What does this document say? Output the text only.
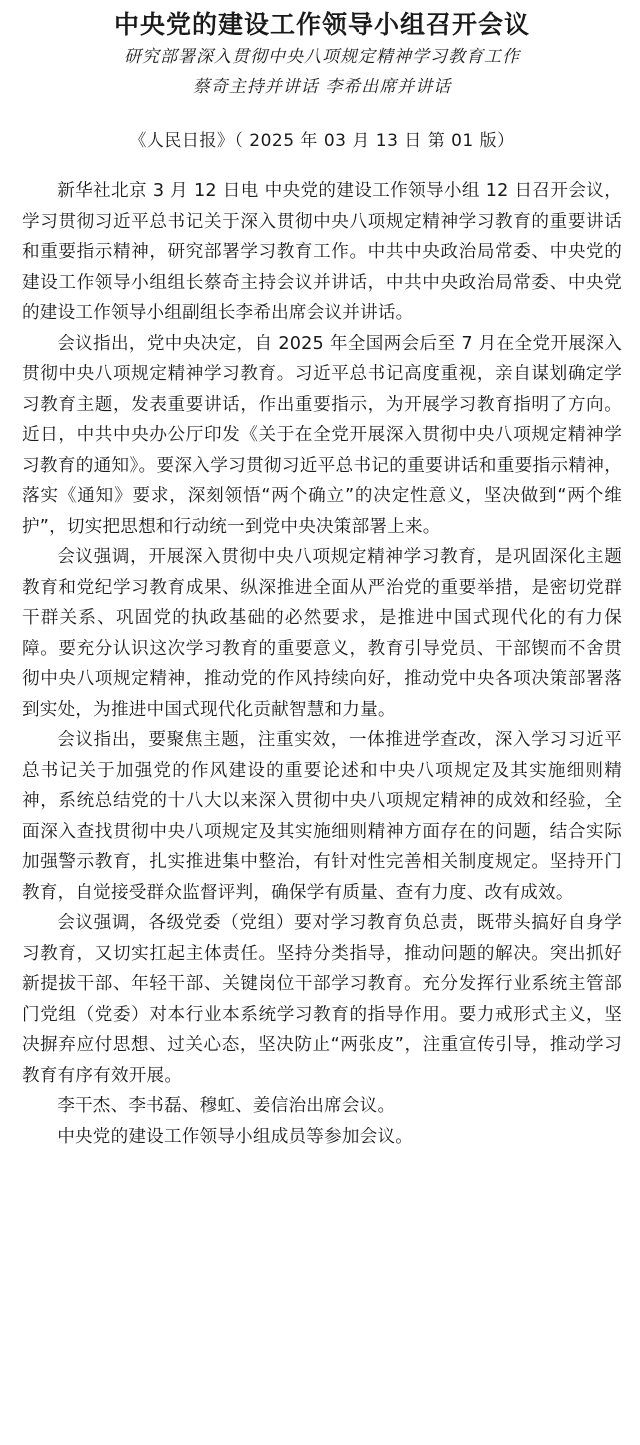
中央党的建设工作领导小组召开会议

研究部署深入贯彻中央八项规定精神学习教育工作

蔡奇主持并讲话 李希出席并讲话

《人民日报》（ 2025 年 03 月 13 日 第 01 版）

新华社北京 3 月 12 日电 中央党的建设工作领导小组 12 日召开会议，学习贯彻习近平总书记关于深入贯彻中央八项规定精神学习教育的重要讲话和重要指示精神，研究部署学习教育工作。中共中央政治局常委、中央党的建设工作领导小组组长蔡奇主持会议并讲话，中共中央政治局常委、中央党的建设工作领导小组副组长李希出席会议并讲话。

会议指出，党中央决定，自 2025 年全国两会后至 7 月在全党开展深入贯彻中央八项规定精神学习教育。习近平总书记高度重视，亲自谋划确定学习教育主题，发表重要讲话，作出重要指示，为开展学习教育指明了方向。近日，中共中央办公厅印发《关于在全党开展深入贯彻中央八项规定精神学习教育的通知》。要深入学习贯彻习近平总书记的重要讲话和重要指示精神，落实《通知》要求，深刻领悟“两个确立”的决定性意义，坚决做到“两个维护”，切实把思想和行动统一到党中央决策部署上来。

会议强调，开展深入贯彻中央八项规定精神学习教育，是巩固深化主题教育和党纪学习教育成果、纵深推进全面从严治党的重要举措，是密切党群干群关系、巩固党的执政基础的必然要求，是推进中国式现代化的有力保障。要充分认识这次学习教育的重要意义，教育引导党员、干部锲而不舍贯彻中央八项规定精神，推动党的作风持续向好，推动党中央各项决策部署落到实处，为推进中国式现代化贡献智慧和力量。

会议指出，要聚焦主题，注重实效，一体推进学查改，深入学习习近平总书记关于加强党的作风建设的重要论述和中央八项规定及其实施细则精神，系统总结党的十八大以来深入贯彻中央八项规定精神的成效和经验，全面深入查找贯彻中央八项规定及其实施细则精神方面存在的问题，结合实际加强警示教育，扎实推进集中整治，有针对性完善相关制度规定。坚持开门教育，自觉接受群众监督评判，确保学有质量、查有力度、改有成效。

会议强调，各级党委（党组）要对学习教育负总责，既带头搞好自身学习教育，又切实扛起主体责任。坚持分类指导，推动问题的解决。突出抓好新提拔干部、年轻干部、关键岗位干部学习教育。充分发挥行业系统主管部门党组（党委）对本行业本系统学习教育的指导作用。要力戒形式主义，坚决摒弃应付思想、过关心态，坚决防止“两张皮”，注重宣传引导，推动学习教育有序有效开展。

李干杰、李书磊、穆虹、姜信治出席会议。

中央党的建设工作领导小组成员等参加会议。
